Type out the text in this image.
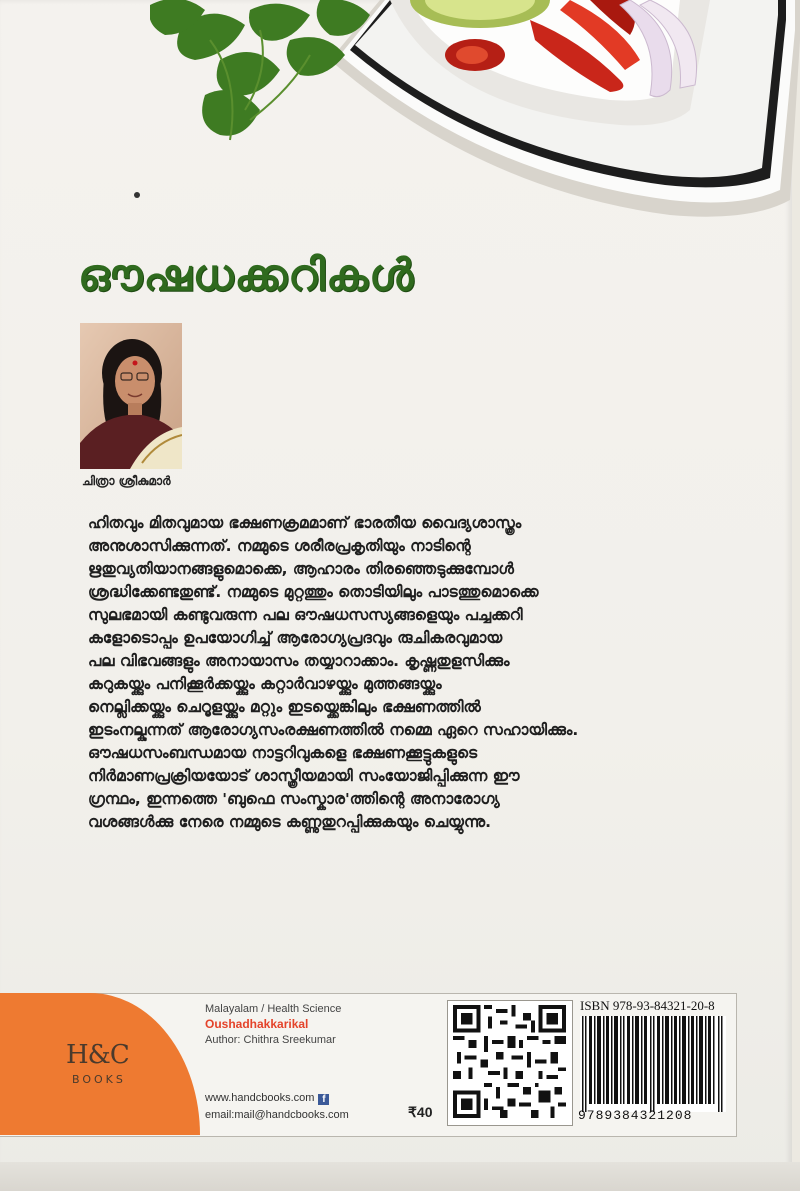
ഔഷധക്കറികൾ
ചിത്രാ ശ്രീകുമാർ

ഹിതവും മിതവുമായ ഭക്ഷണക്രമമാണ് ഭാരതീയ വൈദ്യശാസ്ത്രം

അനുശാസിക്കുന്നത്. നമ്മുടെ ശരീരപ്രകൃതിയും നാടിന്റെ

ഋതുവ്യതിയാനങ്ങളുമൊക്കെ, ആഹാരം തിരഞ്ഞെടുക്കുമ്പോൾ

ശ്രദ്ധിക്കേണ്ടതുണ്ട്. നമ്മുടെ മുറ്റത്തും തൊടിയിലും പാടത്തുമൊക്കെ

സുലഭമായി കണ്ടുവരുന്ന പല ഔഷധസസ്യങ്ങളെയും പച്ചക്കറി

കളോടൊപ്പം ഉപയോഗിച്ച് ആരോഗ്യപ്രദവും രുചികരവുമായ

പല വിഭവങ്ങളും അനായാസം തയ്യാറാക്കാം. കൃഷ്ണതുളസിക്കും

കറുകയ്ക്കും പനിക്കൂർക്കയ്ക്കും കറ്റാർവാഴയ്ക്കും മുത്തങ്ങയ്ക്കും

നെല്ലിക്കയ്ക്കും ചെറൂളയ്ക്കും മറ്റും ഇടയ്ക്കെങ്കിലും ഭക്ഷണത്തിൽ

ഇടംനല്കുന്നത് ആരോഗ്യസംരക്ഷണത്തിൽ നമ്മെ ഏറെ സഹായിക്കും.

ഔഷധസംബന്ധമായ നാട്ടറിവുകളെ ഭക്ഷണക്കൂട്ടുകളുടെ

നിർമാണപ്രക്രിയയോട് ശാസ്ത്രീയമായി സംയോജിപ്പിക്കുന്ന ഈ

ഗ്രന്ഥം, ഇന്നത്തെ 'ബുഫെ സംസ്കാര'ത്തിന്റെ അനാരോഗ്യ

വശങ്ങൾക്കു നേരെ നമ്മുടെ കണ്ണുതുറപ്പിക്കുകയും ചെയ്യുന്നു.

H&C
BOOKS
Malayalam / Health Science
Oushadhakkarikal
Author: Chithra Sreekumar
www.handcbooks.com f
email:mail@handcbooks.com	₹40
ISBN 978-93-84321-20-8
9789384321208
